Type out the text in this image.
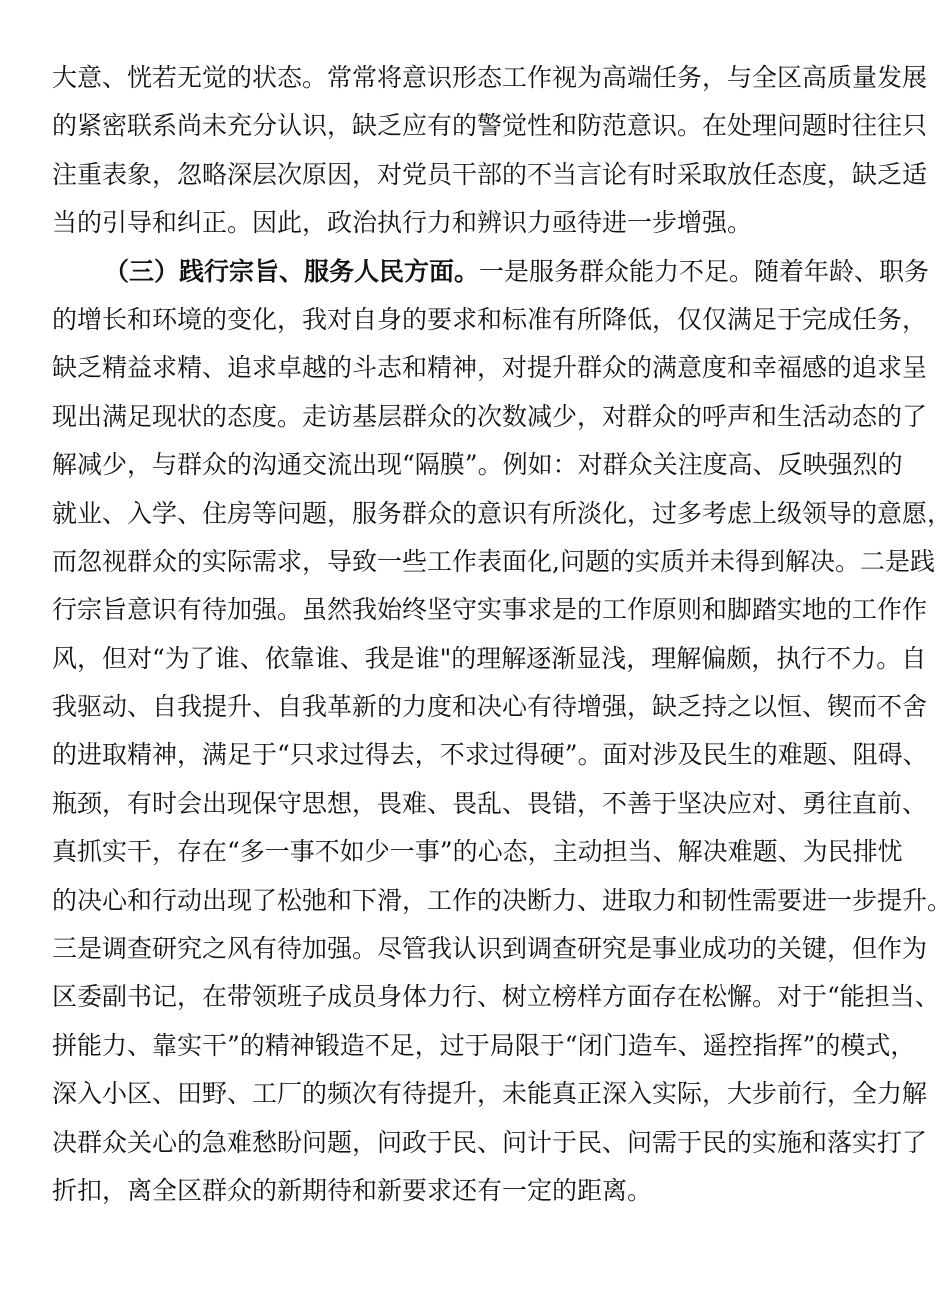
大意、恍若无觉的状态。常常将意识形态工作视为高端任务，与全区高质量发展
的紧密联系尚未充分认识，缺乏应有的警觉性和防范意识。在处理问题时往往只
注重表象，忽略深层次原因，对党员干部的不当言论有时采取放任态度，缺乏适
当的引导和纠正。因此，政治执行力和辨识力亟待进一步增强。
（三）践行宗旨、服务人民方面。一是服务群众能力不足。随着年龄、职务
的增长和环境的变化，我对自身的要求和标准有所降低，仅仅满足于完成任务，
缺乏精益求精、追求卓越的斗志和精神，对提升群众的满意度和幸福感的追求呈
现出满足现状的态度。走访基层群众的次数减少，对群众的呼声和生活动态的了
解减少，与群众的沟通交流出现“隔膜”。例如：对群众关注度高、反映强烈的
就业、入学、住房等问题，服务群众的意识有所淡化，过多考虑上级领导的意愿，
而忽视群众的实际需求，导致一些工作表面化,问题的实质并未得到解决。二是践
行宗旨意识有待加强。虽然我始终坚守实事求是的工作原则和脚踏实地的工作作
风，但对“为了谁、依靠谁、我是谁"的理解逐渐显浅，理解偏颇，执行不力。自
我驱动、自我提升、自我革新的力度和决心有待增强，缺乏持之以恒、锲而不舍
的进取精神，满足于“只求过得去，不求过得硬”。面对涉及民生的难题、阻碍、
瓶颈，有时会出现保守思想，畏难、畏乱、畏错，不善于坚决应对、勇往直前、
真抓实干，存在“多一事不如少一事”的心态，主动担当、解决难题、为民排忧
的决心和行动出现了松弛和下滑，工作的决断力、进取力和韧性需要进一步提升。
三是调查研究之风有待加强。尽管我认识到调查研究是事业成功的关键，但作为
区委副书记，在带领班子成员身体力行、树立榜样方面存在松懈。对于“能担当、
拼能力、靠实干”的精神锻造不足，过于局限于“闭门造车、遥控指挥”的模式，
深入小区、田野、工厂的频次有待提升，未能真正深入实际，大步前行，全力解
决群众关心的急难愁盼问题，问政于民、问计于民、问需于民的实施和落实打了
折扣，离全区群众的新期待和新要求还有一定的距离。
